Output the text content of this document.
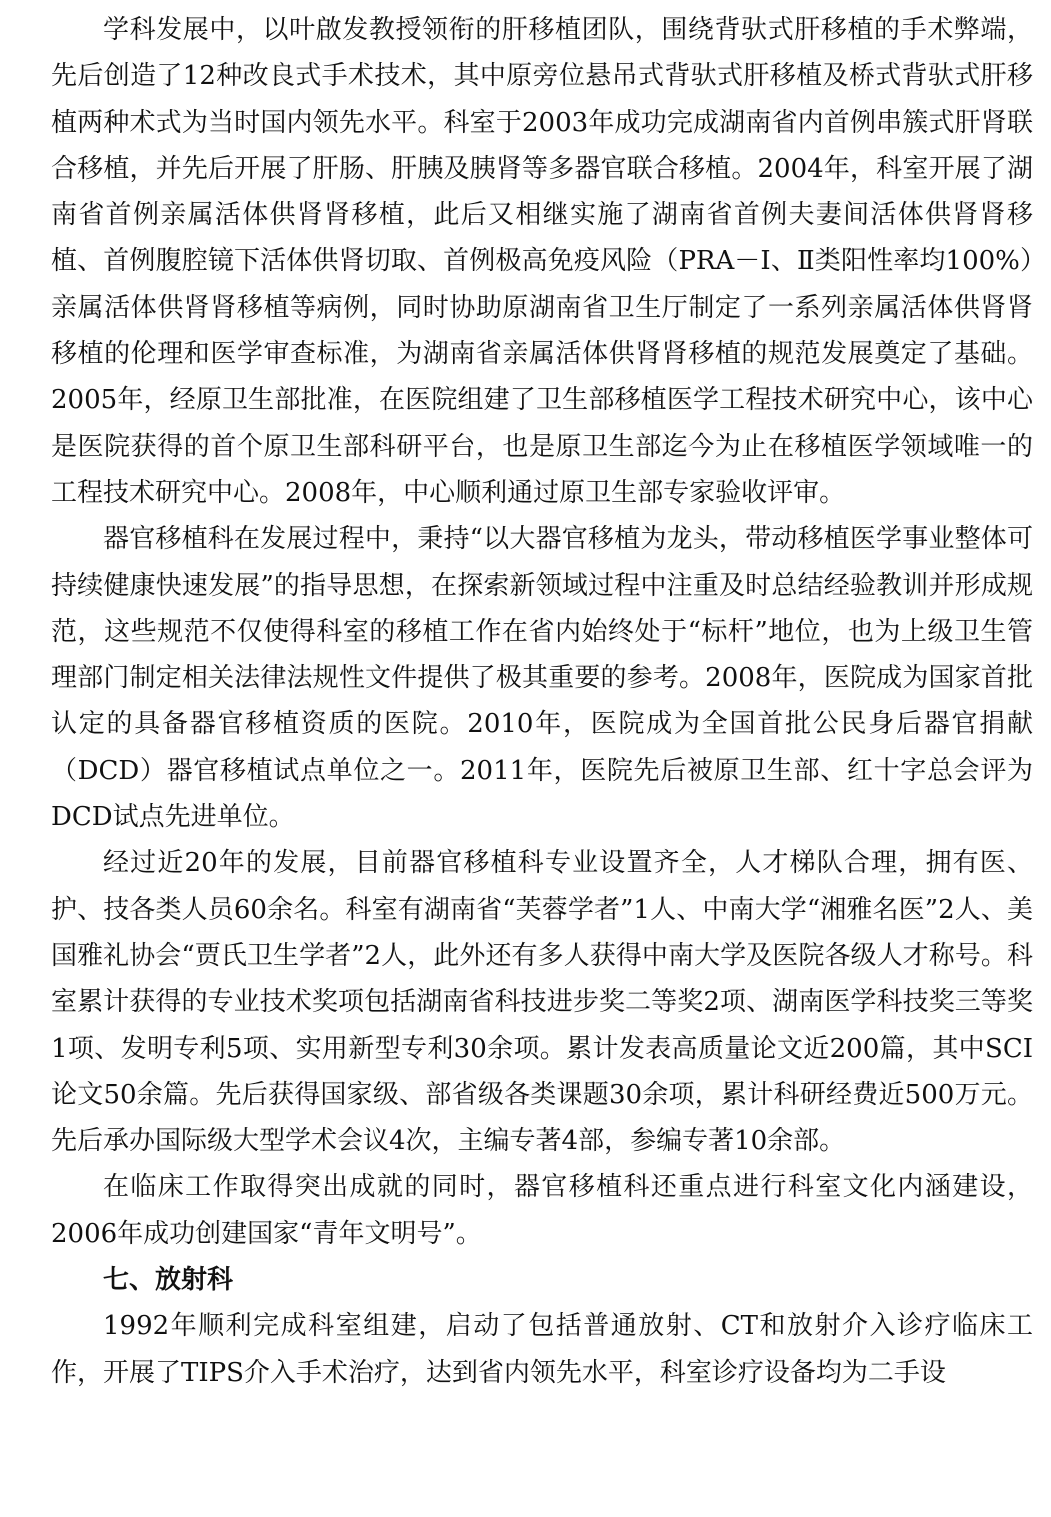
学科发展中，以叶啟发教授领衔的肝移植团队，围绕背驮式肝移植的手术弊端，先后创造了12种改良式手术技术，其中原旁位悬吊式背驮式肝移植及桥式背驮式肝移植两种术式为当时国内领先水平。科室于2003年成功完成湖南省内首例串簇式肝肾联合移植，并先后开展了肝肠、肝胰及胰肾等多器官联合移植。2004年，科室开展了湖南省首例亲属活体供肾肾移植，此后又相继实施了湖南省首例夫妻间活体供肾肾移植、首例腹腔镜下活体供肾切取、首例极高免疫风险（PRA－Ⅰ、Ⅱ类阳性率均100%）亲属活体供肾肾移植等病例，同时协助原湖南省卫生厅制定了一系列亲属活体供肾肾移植的伦理和医学审查标准，为湖南省亲属活体供肾肾移植的规范发展奠定了基础。2005年，经原卫生部批准，在医院组建了卫生部移植医学工程技术研究中心，该中心是医院获得的首个原卫生部科研平台，也是原卫生部迄今为止在移植医学领域唯一的工程技术研究中心。2008年，中心顺利通过原卫生部专家验收评审。

器官移植科在发展过程中，秉持“以大器官移植为龙头，带动移植医学事业整体可持续健康快速发展”的指导思想，在探索新领域过程中注重及时总结经验教训并形成规范，这些规范不仅使得科室的移植工作在省内始终处于“标杆”地位，也为上级卫生管理部门制定相关法律法规性文件提供了极其重要的参考。2008年，医院成为国家首批认定的具备器官移植资质的医院。2010年，医院成为全国首批公民身后器官捐献（DCD）器官移植试点单位之一。2011年，医院先后被原卫生部、红十字总会评为DCD试点先进单位。

经过近20年的发展，目前器官移植科专业设置齐全，人才梯队合理，拥有医、护、技各类人员60余名。科室有湖南省“芙蓉学者”1人、中南大学“湘雅名医”2人、美国雅礼协会“贾氏卫生学者”2人，此外还有多人获得中南大学及医院各级人才称号。科室累计获得的专业技术奖项包括湖南省科技进步奖二等奖2项、湖南医学科技奖三等奖1项、发明专利5项、实用新型专利30余项。累计发表高质量论文近200篇，其中SCI论文50余篇。先后获得国家级、部省级各类课题30余项，累计科研经费近500万元。先后承办国际级大型学术会议4次，主编专著4部，参编专著10余部。

在临床工作取得突出成就的同时，器官移植科还重点进行科室文化内涵建设，2006年成功创建国家“青年文明号”。

七、放射科

1992年顺利完成科室组建，启动了包括普通放射、CT和放射介入诊疗临床工作，开展了TIPS介入手术治疗，达到省内领先水平，科室诊疗设备均为二手设
